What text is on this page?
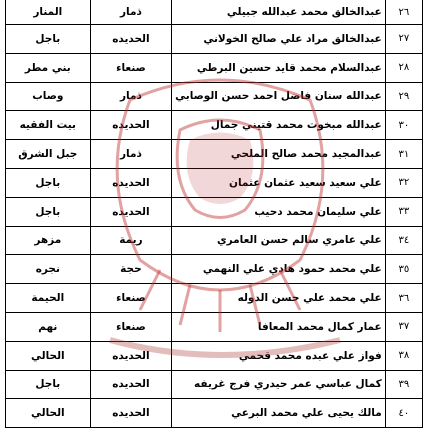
٢٦	عبدالخالق محمد عبدالله جبيلي	ذمار	المنار
٢٧	عبدالخالق مراد علي صالح الخولاني	الحديده	باجل
٢٨	عبدالسلام محمد قايد حسين البرطي	صنعاء	بني مطر
٢٩	عبدالله سنان فاضل احمد حسن الوصابي	ذمار	وصاب
٣٠	عبدالله مبخوت محمد قتيني جمال	الحديده	بيت الفقيه
٣١	عبدالمجيد محمد صالح الملحي	ذمار	جبل الشرق
٣٢	علي سعيد سعيد عثمان عثمان	الحديده	باجل
٣٣	علي سليمان محمد دحيب	الحديده	باجل
٣٤	علي عامري سالم حسن العامري	ريمة	مزهر
٣٥	علي محمد حمود هادي علي النهمي	حجة	نجره
٣٦	علي محمد علي حسن الدوله	صنعاء	الحيمة
٣٧	عمار كمال محمد المعافا	صنعاء	نهم
٣٨	فواز علي عبده محمد قحمي	الحديده	الحالي
٣٩	كمال عباسي عمر حيدري فرج غريفه	الحديده	باجل
٤٠	مالك يحيى علي محمد البرعي	الحديده	الحالي
